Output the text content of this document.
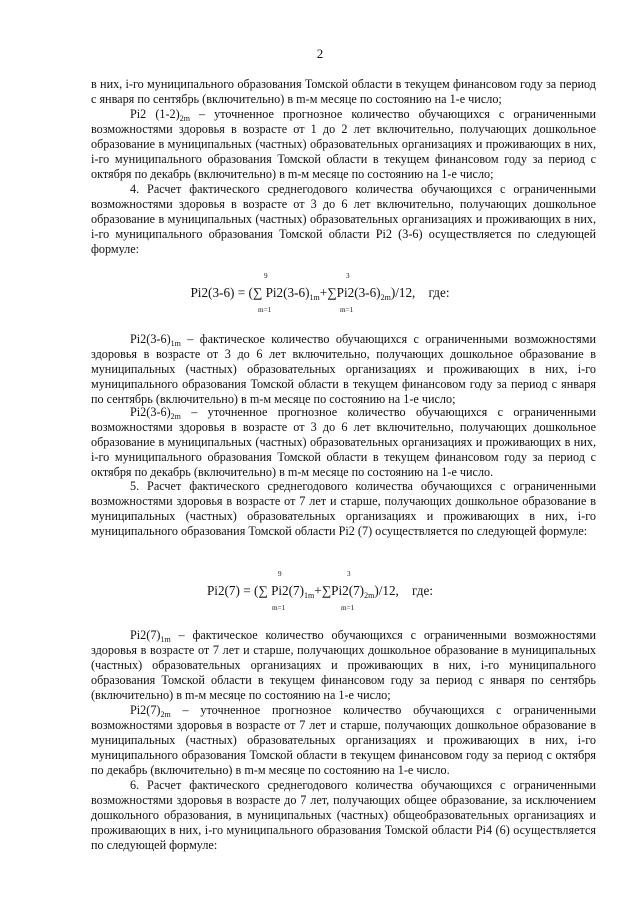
2

в них, i-го муниципального образования Томской области в текущем финансовом году за период с января по сентябрь (включительно) в m-м месяце по состоянию на 1-е число;

Pi2 $(1-2)_{2m}$ – уточненное прогнозное количество обучающихся с ограниченными возможностями здоровья в возрасте от 1 до 2 лет включительно, получающих дошкольное образование в муниципальных (частных) образовательных организациях и проживающих в них, i-го муниципального образования Томской области в текущем финансовом году за период с октября по декабрь (включительно) в m-м месяце по состоянию на 1-е число;

4. Расчет фактического среднегодового количества обучающихся с ограниченными возможностями здоровья в возрасте от 3 до 6 лет включительно, получающих дошкольное образование в муниципальных (частных) образовательных организациях и проживающих в них, i-го муниципального образования Томской области Pi2 (3-6) осуществляется по следующей формуле:

9
m=1
3
m=1
Pi2(3-6) = (∑ $Pi2(3-6)_{1m}+\sum Pi2(3-6)_{2m})/12$, где:

$Pi2(3-6)_{1m}$ – фактическое количество обучающихся с ограниченными возможностями здоровья в возрасте от 3 до 6 лет включительно, получающих дошкольное образование в муниципальных (частных) образовательных организациях и проживающих в них, i-го муниципального образования Томской области в текущем финансовом году за период с января по сентябрь (включительно) в m-м месяце по состоянию на 1-е число;

$Pi2(3-6)_{2m}$ – уточненное прогнозное количество обучающихся с ограниченными возможностями здоровья в возрасте от 3 до 6 лет включительно, получающих дошкольное образование в муниципальных (частных) образовательных организациях и проживающих в них, i-го муниципального образования Томской области в текущем финансовом году за период с октября по декабрь (включительно) в m-м месяце по состоянию на 1-е число.

5. Расчет фактического среднегодового количества обучающихся с ограниченными возможностями здоровья в возрасте от 7 лет и старше, получающих дошкольное образование в муниципальных (частных) образовательных организациях и проживающих в них, i-го муниципального образования Томской области Pi2 (7) осуществляется по следующей формуле:

9
m=1
3
m=1
Pi2(7) = (∑ $Pi2(7)_{1m}+\sum Pi2(7)_{2m})/12$, где:

$Pi2(7)_{1m}$ – фактическое количество обучающихся с ограниченными возможностями здоровья в возрасте от 7 лет и старше, получающих дошкольное образование в муниципальных (частных) образовательных организациях и проживающих в них, i-го муниципального образования Томской области в текущем финансовом году за период с января по сентябрь (включительно) в m-м месяце по состоянию на 1-е число;

$Pi2(7)_{2m}$ – уточненное прогнозное количество обучающихся с ограниченными возможностями здоровья в возрасте от 7 лет и старше, получающих дошкольное образование в муниципальных (частных) образовательных организациях и проживающих в них, i-го муниципального образования Томской области в текущем финансовом году за период с октября по декабрь (включительно) в m-м месяце по состоянию на 1-е число.

6. Расчет фактического среднегодового количества обучающихся с ограниченными возможностями здоровья в возрасте до 7 лет, получающих общее образование, за исключением дошкольного образования, в муниципальных (частных) общеобразовательных организациях и проживающих в них, i-го муниципального образования Томской области Pi4 (6) осуществляется по следующей формуле:
